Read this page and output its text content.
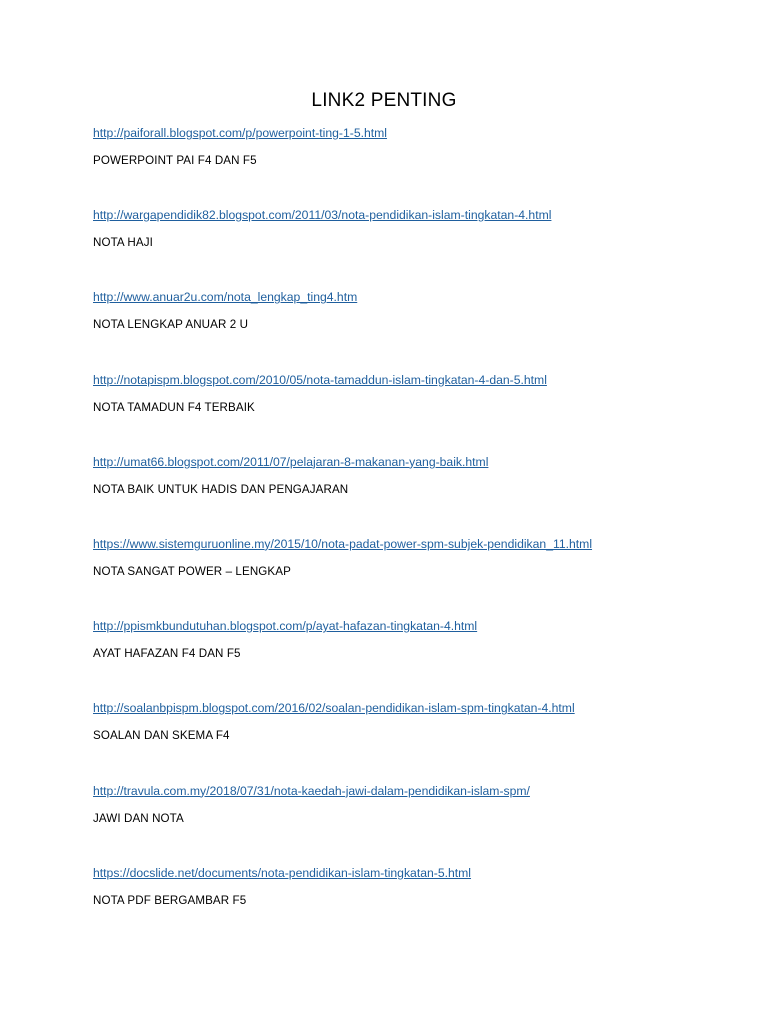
LINK2 PENTING
http://paiforall.blogspot.com/p/powerpoint-ting-1-5.html
POWERPOINT PAI F4 DAN F5
http://wargapendidik82.blogspot.com/2011/03/nota-pendidikan-islam-tingkatan-4.html
NOTA HAJI
http://www.anuar2u.com/nota_lengkap_ting4.htm
NOTA LENGKAP ANUAR 2 U
http://notapispm.blogspot.com/2010/05/nota-tamaddun-islam-tingkatan-4-dan-5.html
NOTA TAMADUN F4 TERBAIK
http://umat66.blogspot.com/2011/07/pelajaran-8-makanan-yang-baik.html
NOTA BAIK UNTUK HADIS DAN PENGAJARAN
https://www.sistemguruonline.my/2015/10/nota-padat-power-spm-subjek-pendidikan_11.html
NOTA SANGAT POWER – LENGKAP
http://ppismkbundutuhan.blogspot.com/p/ayat-hafazan-tingkatan-4.html
AYAT HAFAZAN F4 DAN F5
http://soalanbpispm.blogspot.com/2016/02/soalan-pendidikan-islam-spm-tingkatan-4.html
SOALAN DAN SKEMA F4
http://travula.com.my/2018/07/31/nota-kaedah-jawi-dalam-pendidikan-islam-spm/
JAWI DAN NOTA
https://docslide.net/documents/nota-pendidikan-islam-tingkatan-5.html
NOTA PDF BERGAMBAR F5
